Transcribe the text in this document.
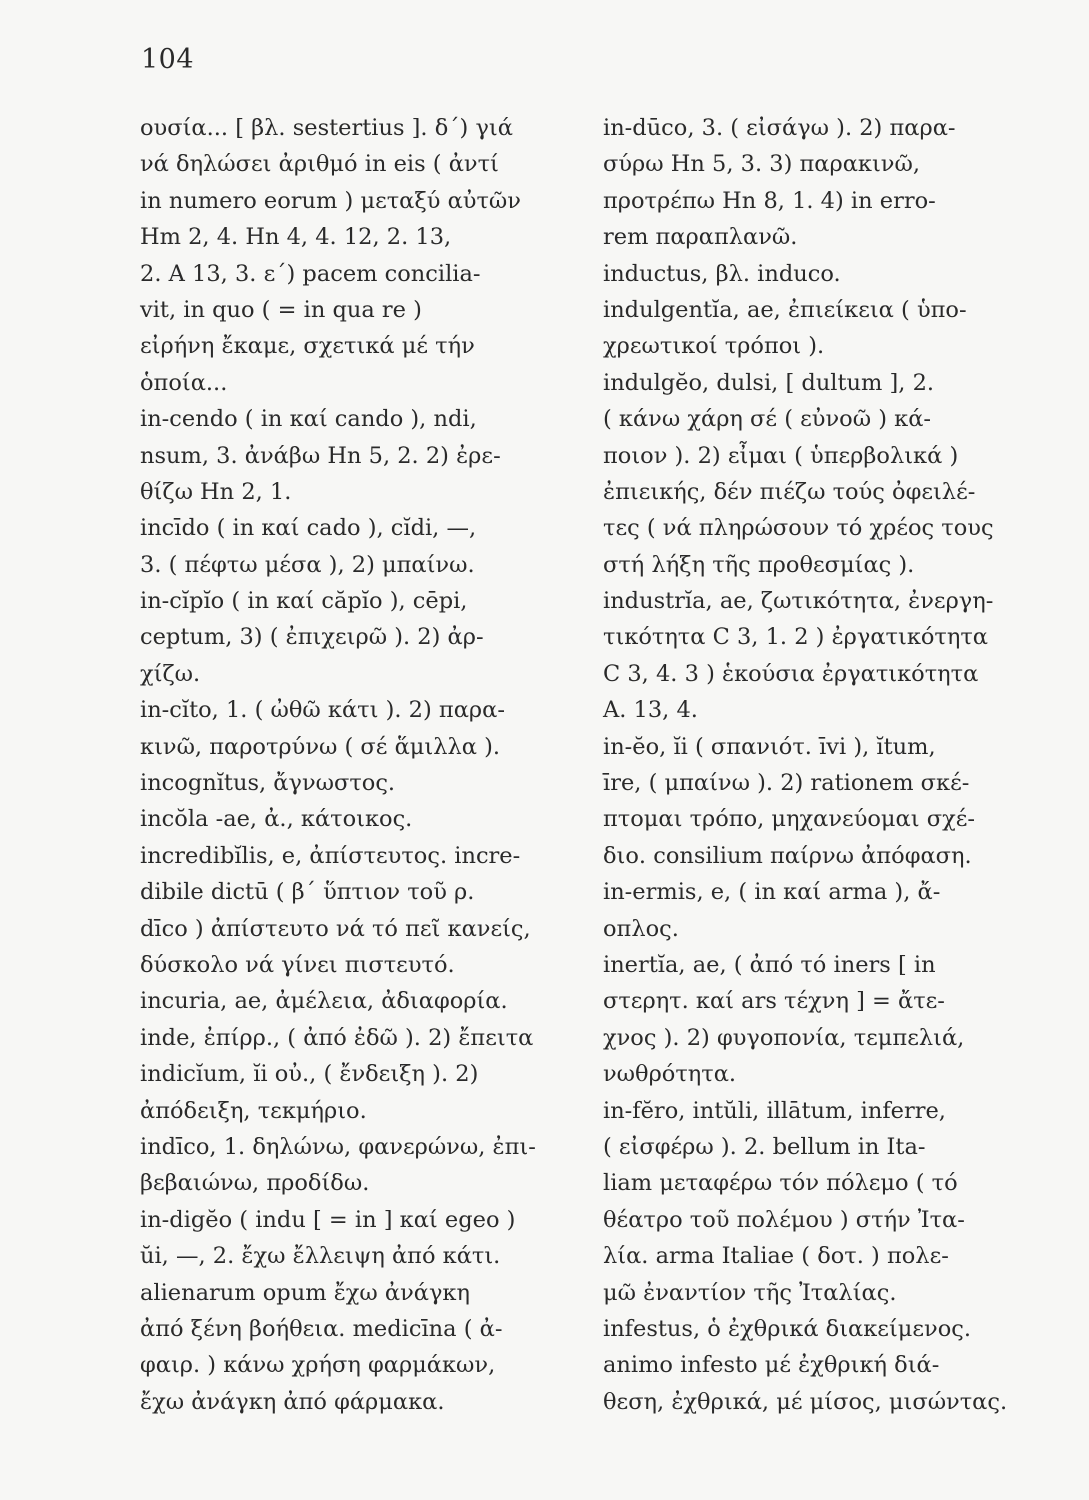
104
ουσία... [ βλ. sestertius ]. δ΄) γιά
νά δηλώσει ἀριθμό in eis ( ἀντί
in numero eorum ) μεταξύ αὐτῶν
Hm 2, 4. Hn 4, 4. 12, 2. 13,
2. A 13, 3. ε΄) pacem concilia-
vit, in quo ( = in qua re )
εἰρήνη ἔκαμε, σχετικά μέ τήν
ὁποία...
in-cendo ( in καί cando ), ndi,
nsum, 3. ἀνάβω Hn 5, 2. 2) ἐρε-
θίζω Hn 2, 1.
incīdo ( in καί cado ), cĭdi, —,
3. ( πέφτω μέσα ), 2) μπαίνω.
in-cĭpĭo ( in καί căpĭo ), cēpi,
ceptum, 3) ( ἐπιχειρῶ ). 2) ἀρ-
χίζω.
in-cĭto, 1. ( ὠθῶ κάτι ). 2) παρα-
κινῶ, παροτρύνω ( σέ ἅμιλλα ).
incognĭtus, ἄγνωστος.
incŏla -ae, ἀ., κάτοικος.
incredibĭlis, e, ἀπίστευτος. incre-
dibile dictū ( β΄ ὕπτιον τοῦ ρ.
dīco ) ἀπίστευτο νά τό πεῖ κανείς,
δύσκολο νά γίνει πιστευτό.
incuria, ae, ἀμέλεια, ἀδιαφορία.
inde, ἐπίρρ., ( ἀπό ἐδῶ ). 2) ἔπειτα
indicĭum, ĭi οὐ., ( ἔνδειξη ). 2)
ἀπόδειξη, τεκμήριο.
indīco, 1. δηλώνω, φανερώνω, ἐπι-
βεβαιώνω, προδίδω.
in-digĕo ( indu [ = in ] καί egeo )
ŭi, —, 2. ἔχω ἔλλειψη ἀπό κάτι.
alienarum opum ἔχω ἀνάγκη
ἀπό ξένη βοήθεια. medicīna ( ἀ-
φαιρ. ) κάνω χρήση φαρμάκων,
ἔχω ἀνάγκη ἀπό φάρμακα.
in-dūco, 3. ( εἰσάγω ). 2) παρα-
σύρω Hn 5, 3. 3) παρακινῶ,
προτρέπω Hn 8, 1. 4) in erro-
rem παραπλανῶ.
inductus, βλ. induco.
indulgentĭa, ae, ἐπιείκεια ( ὑπο-
χρεωτικοί τρόποι ).
indulgĕo, dulsi, [ dultum ], 2.
( κάνω χάρη σέ ( εὐνοῶ ) κά-
ποιον ). 2) εἶμαι ( ὑπερβολικά )
ἐπιεικής, δέν πιέζω τούς ὀφειλέ-
τες ( νά πληρώσουν τό χρέος τους
στή λήξη τῆς προθεσμίας ).
industrĭa, ae, ζωτικότητα, ἐνεργη-
τικότητα C 3, 1. 2 ) ἐργατικότητα
C 3, 4. 3 ) ἑκούσια ἐργατικότητα
A. 13, 4.
in-ĕo, ĭi ( σπανιότ. īvi ), ĭtum,
īre, ( μπαίνω ). 2) rationem σκέ-
πτομαι τρόπο, μηχανεύομαι σχέ-
διο. consilium παίρνω ἀπόφαση.
in-ermis, e, ( in καί arma ), ἄ-
οπλος.
inertĭa, ae, ( ἀπό τό iners [ in
στερητ. καί ars τέχνη ] = ἄτε-
χνος ). 2) φυγοπονία, τεμπελιά,
νωθρότητα.
in-fĕro, intŭli, illātum, inferre,
( εἰσφέρω ). 2. bellum in Ita-
liam μεταφέρω τόν πόλεμο ( τό
θέατρο τοῦ πολέμου ) στήν Ἰτα-
λία. arma Italiae ( δοτ. ) πολε-
μῶ ἐναντίον τῆς Ἰταλίας.
infestus, ὁ ἐχθρικά διακείμενος.
animo infesto μέ ἐχθρική διά-
θεση, ἐχθρικά, μέ μίσος, μισώντας.
